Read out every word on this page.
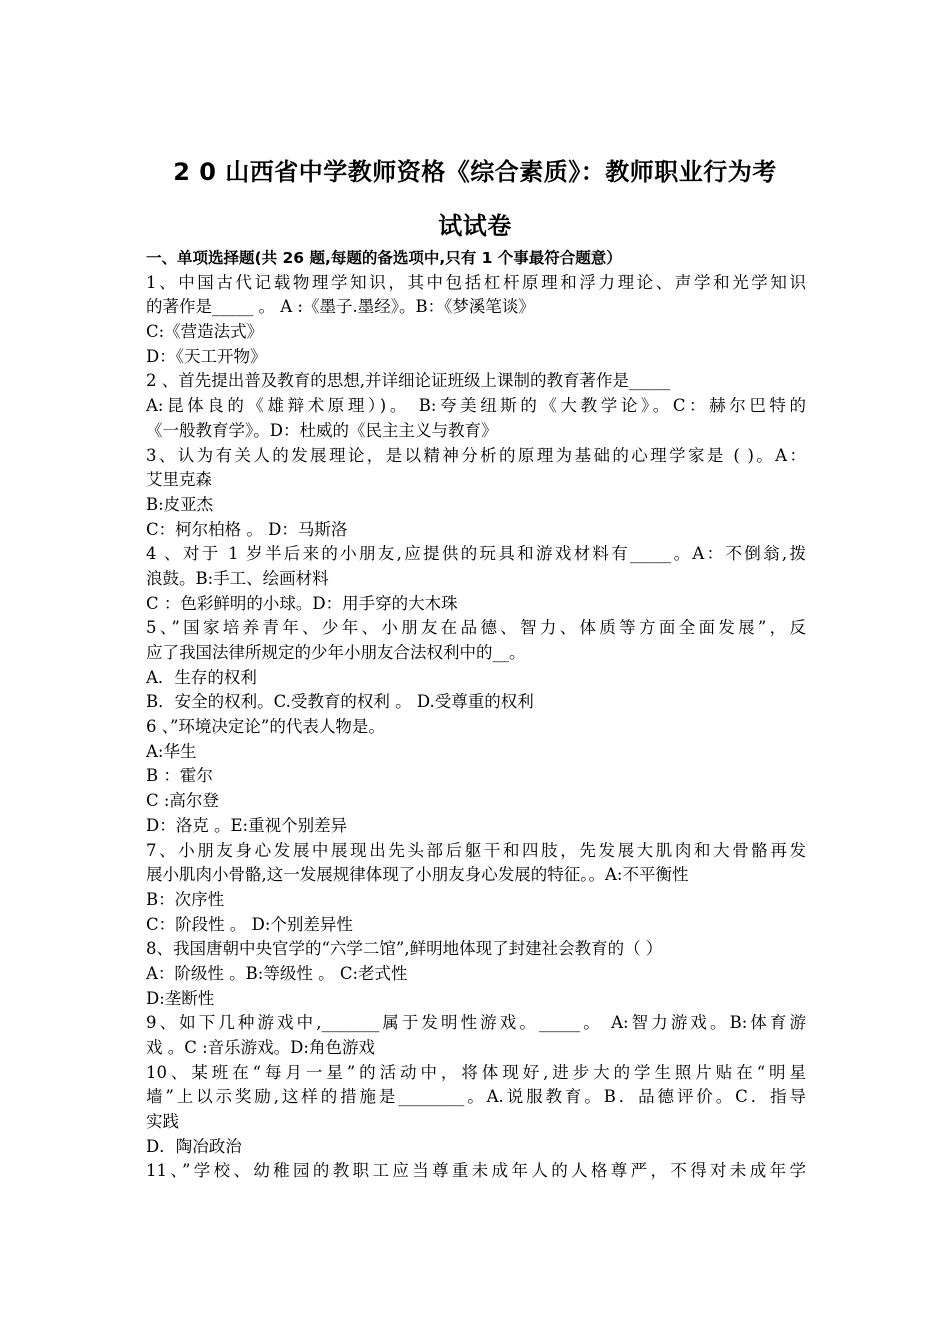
2 0 山西省中学教师资格《综合素质》：教师职业行为考
试试卷
一、单项选择题(共 26 题,每题的备选项中,只有 1 个事最符合题意）
1、中国古代记载物理学知识，其中包括杠杆原理和浮力理论、声学和光学知识
的著作是_____ 。 A :《墨子.墨经》。B：《梦溪笔谈》
C:《营造法式》
D：《天工开物》
2 、首先提出普及教育的思想,并详细论证班级上课制的教育著作是_____
A:昆体良的《雄辩术原理）)。 B:夸美纽斯的《大教学论》。C：赫尔巴特的
《一般教育学》。D：杜威的《民主主义与教育》
3、认为有关人的发展理论，是以精神分析的原理为基础的心理学家是 ( )。A：
艾里克森
B:皮亚杰
C：柯尔柏格 。 D：马斯洛
4 、对于 1 岁半后来的小朋友,应提供的玩具和游戏材料有_____。A：不倒翁,拨
浪鼓。B:手工、绘画材料
C ：色彩鲜明的小球。D：用手穿的大木珠
5、”国家培养青年、少年、小朋友在品德、智力、体质等方面全面发展”，反
应了我国法律所规定的少年小朋友合法权利中的__。
A．生存的权利
B．安全的权利。C.受教育的权利 。 D.受尊重的权利
6 、”环境决定论”的代表人物是。
A:华生
B ：霍尔
C :高尔登
D：洛克 。E:重视个别差异
7、小朋友身心发展中展现出先头部后躯干和四肢，先发展大肌肉和大骨骼再发
展小肌肉小骨骼,这一发展规律体现了小朋友身心发展的特征。。A:不平衡性
B：次序性
C：阶段性 。 D:个别差异性
8、我国唐朝中央官学的“六学二馆”,鲜明地体现了封建社会教育的（ ）
A：阶级性 。B:等级性 。 C:老式性
D:垄断性
9、如下几种游戏中,_______属于发明性游戏。_____。 A:智力游戏。B:体育游
戏 。C :音乐游戏。D:角色游戏
10、某班在“每月一星”的活动中，将体现好,进步大的学生照片贴在“明星
墙”上以示奖励,这样的措施是________。A.说服教育。B．品德评价。C．指导
实践
D．陶冶政治
11、”学校、幼稚园的教职工应当尊重未成年人的人格尊严，不得对未成年学
